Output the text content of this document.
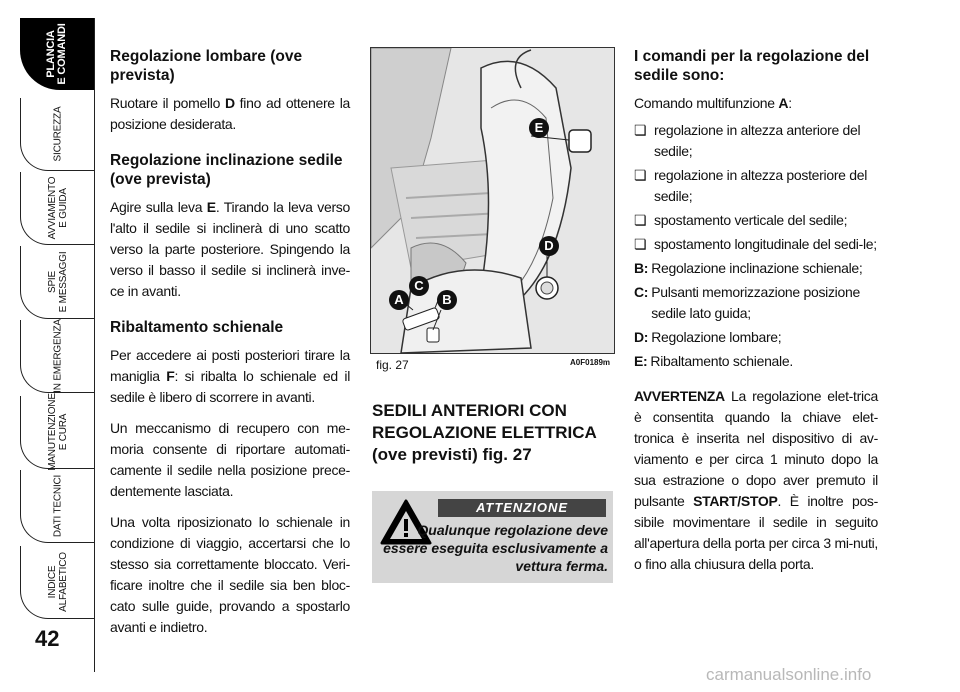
PLANCIA
E COMANDI
SICUREZZA
AVVIAMENTO
E GUIDA
SPIE
E MESSAGGI
IN EMERGENZA
MANUTENZIONE
E CURA
DATI TECNICI
INDICE
ALFABETICO
42
Regolazione lombare (ove prevista)

Ruotare il pomello D fino ad ottenere la posizione desiderata.

Regolazione inclinazione sedile (ove prevista)

Agire sulla leva E. Tirando la leva verso l'alto il sedile si inclinerà di uno scatto verso la parte posteriore. Spingendo la verso il basso il sedile si inclinerà inve-ce in avanti.

Ribaltamento schienale

Per accedere ai posti posteriori tirare la maniglia F: si ribalta lo schienale ed il sedile è libero di scorrere in avanti.

Un meccanismo di recupero con me-moria consente di riportare automati-camente il sedile nella posizione prece-dentemente lasciata.

Una volta riposizionato lo schienale in condizione di viaggio, accertarsi che lo stesso sia correttamente bloccato. Veri-ficare inoltre che il sedile sia ben bloc-cato sulle guide, provando a spostarlo avanti e indietro.

A	B
C
D
E
fig. 27	A0F0189m
SEDILI ANTERIORI CON REGOLAZIONE ELETTRICA (ove previsti) fig. 27
ATTENZIONE
Qualunque regolazione deve essere eseguita esclusivamente a vettura ferma.
I comandi per la regolazione del sedile sono:

Comando multifunzione A:

❏ regolazione in altezza anteriore del sedile;
❏ regolazione in altezza posteriore del sedile;
❏ spostamento verticale del sedile;
❏ spostamento longitudinale del sedi-le;
B: Regolazione inclinazione schienale;
C: Pulsanti memorizzazione posizione sedile lato guida;
D: Regolazione lombare;
E: Ribaltamento schienale.

AVVERTENZA La regolazione elet-trica è consentita quando la chiave elet-tronica è inserita nel dispositivo di av-viamento e per circa 1 minuto dopo la sua estrazione o dopo aver premuto il pulsante START/STOP. È inoltre pos-sibile movimentare il sedile in seguito all'apertura della porta per circa 3 mi-nuti, o fino alla chiusura della porta.

carmanualsonline.info
